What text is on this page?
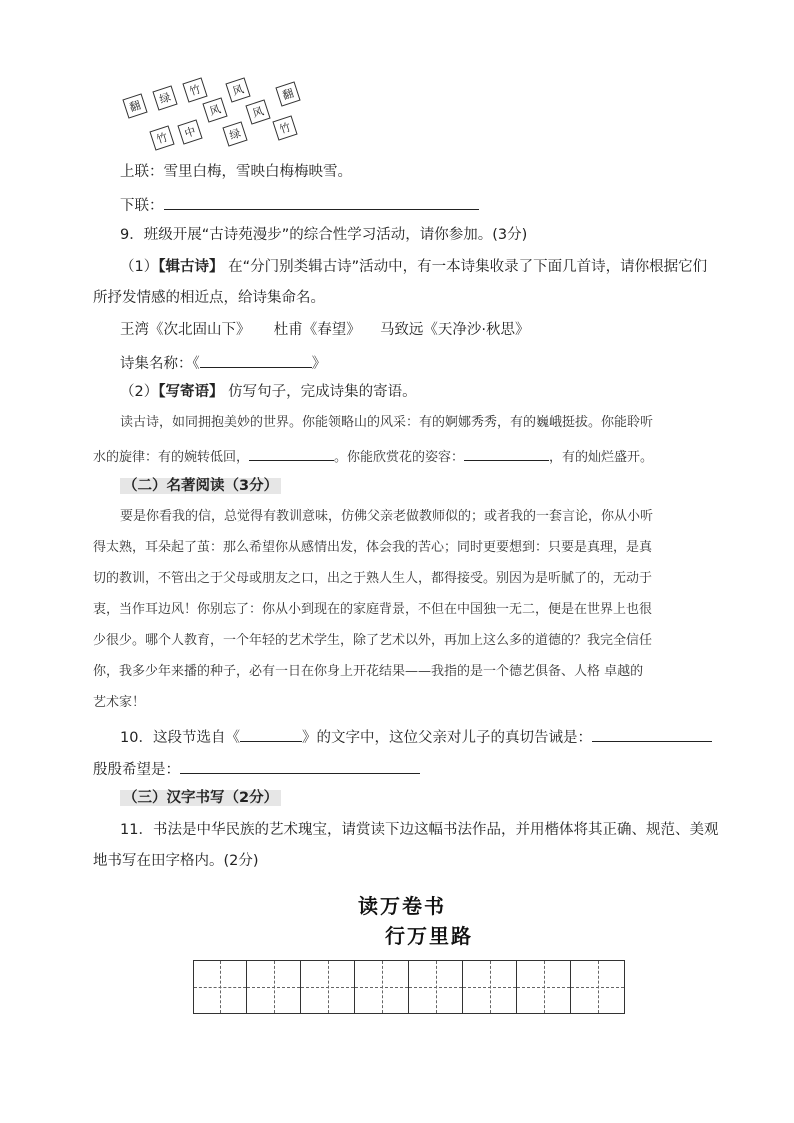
翻
绿
竹	风	翻
风	风
竹
中	绿
竹
上联：雪里白梅，雪映白梅梅映雪。
下联：
9．班级开展“古诗苑漫步”的综合性学习活动，请你参加。(3分)
（1）【辑古诗】 在“分门别类辑古诗”活动中，有一本诗集收录了下面几首诗，请你根据它们
所抒发情感的相近点，给诗集命名。
王湾《次北固山下》 杜甫《春望》 马致远《天净沙·秋思》
诗集名称：《	》
（2）【写寄语】 仿写句子，完成诗集的寄语。
读古诗，如同拥抱美妙的世界。你能领略山的风采：有的婀娜秀秀，有的巍峨挺拔。你能聆听
水的旋律：有的婉转低回，	。你能欣赏花的姿容：	，有的灿烂盛开。
（二）名著阅读（3分）
要是你看我的信，总觉得有教训意味，仿佛父亲老做教师似的；或者我的一套言论，你从小听
得太熟，耳朵起了茧：那么希望你从感情出发，体会我的苦心；同时更要想到：只要是真理，是真
切的教训，不管出之于父母或朋友之口，出之于熟人生人，都得接受。别因为是听腻了的，无动于
衷，当作耳边风！你别忘了：你从小到现在的家庭背景，不但在中国独一无二，便是在世界上也很
少很少。哪个人教育，一个年轻的艺术学生，除了艺术以外，再加上这么多的道德的？我完全信任
你，我多少年来播的种子，必有一日在你身上开花结果——我指的是一个德艺俱备、人格 卓越的
艺术家！
10．这段节选自《	》的文字中，这位父亲对儿子的真切告诫是：
殷殷希望是：
（三）汉字书写（2分）
11．书法是中华民族的艺术瑰宝，请赏读下边这幅书法作品，并用楷体将其正确、规范、美观
地书写在田字格内。(2分)
读万卷书
行万里路
